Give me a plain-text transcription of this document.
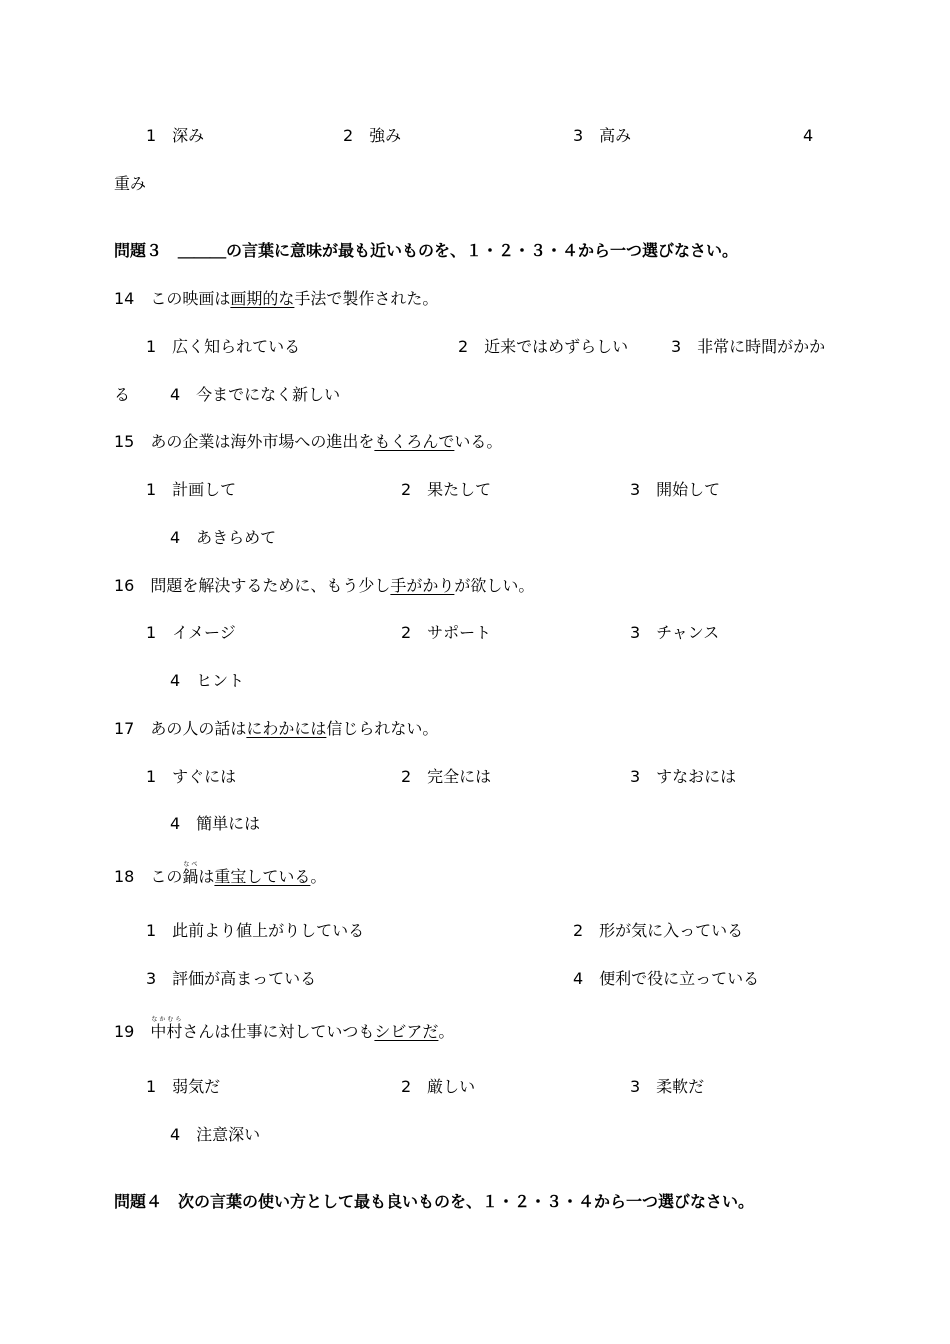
1　深み	2　強み	3　高み	4
重み
問題３　＿＿＿の言葉に意味が最も近いものを、１・２・３・４から一つ選びなさい。
14　この映画は画期的な手法で製作された。
1　広く知られている	2　近来ではめずらしい	3　非常に時間がかか
る 4　今までになく新しい
15　あの企業は海外市場への進出をもくろんでいる。
1　計画して	2　果たして	3　開始して
4　あきらめて
16　問題を解決するために、もう少し手がかりが欲しい。
1　イメージ	2　サポート	3　チャンス
4　ヒント
17　あの人の話はにわかには信じられない。
1　すぐには	2　完全には	3　すなおには
4　簡単には
18　この鍋なべは重宝している。
1　此前より値上がりしている	2　形が気に入っている
3　評価が高まっている	4　便利で役に立っている
19　中村なかむらさんは仕事に対していつもシビアだ。
1　弱気だ	2　厳しい	3　柔軟だ
4　注意深い
問題４　次の言葉の使い方として最も良いものを、１・２・３・４から一つ選びなさい。
